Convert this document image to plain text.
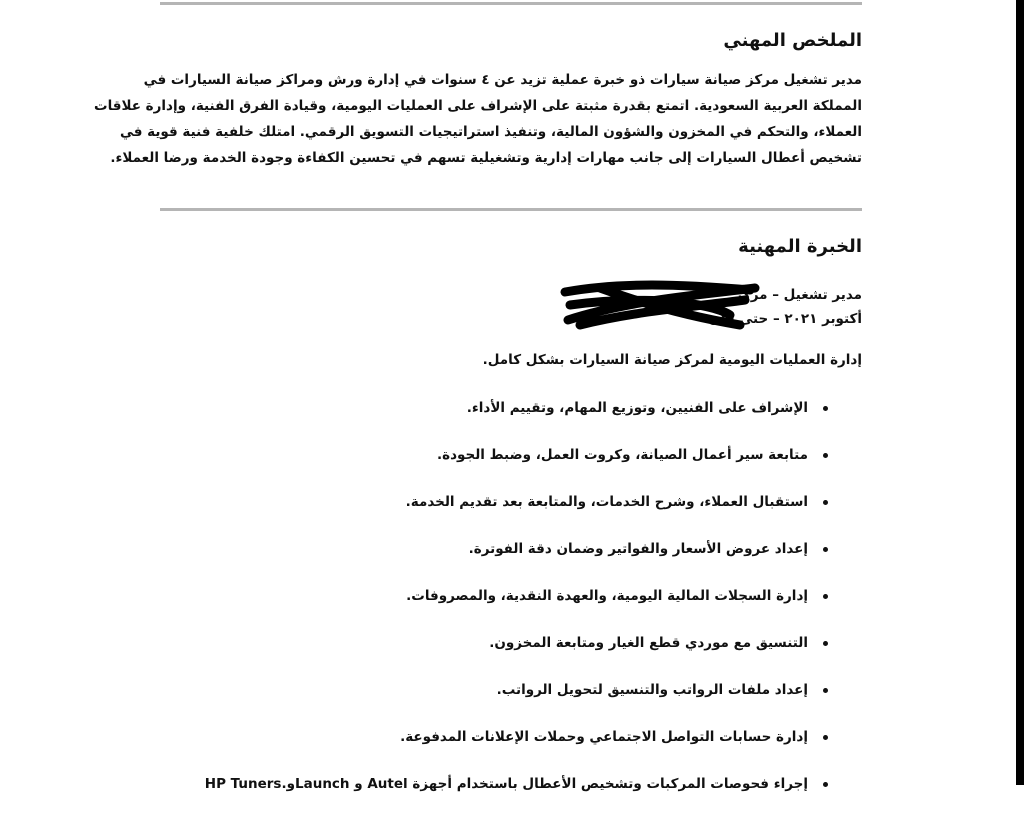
الملخص المهني
مدير تشغيل مركز صيانة سيارات ذو خبرة عملية تزيد عن ٤ سنوات في إدارة ورش ومراكز صيانة السيارات في
المملكة العربية السعودية. اتمتع بقدرة مثبتة على الإشراف على العمليات اليومية، وقيادة الفرق الفنية، وإدارة علاقات
العملاء، والتحكم في المخزون والشؤون المالية، وتنفيذ استراتيجيات التسويق الرقمي. امتلك خلفية فنية قوية في
تشخيص أعطال السيارات إلى جانب مهارات إدارية وتشغيلية تسهم في تحسين الكفاءة وجودة الخدمة ورضا العملاء.
الخبرة المهنية
مدير تشغيل – مركز
أكتوبر ٢٠٢١ – حتى الآن
إدارة العمليات اليومية لمركز صيانة السيارات بشكل كامل.
الإشراف على الفنيين، وتوزيع المهام، وتقييم الأداء.
متابعة سير أعمال الصيانة، وكروت العمل، وضبط الجودة.
استقبال العملاء، وشرح الخدمات، والمتابعة بعد تقديم الخدمة.
إعداد عروض الأسعار والفواتير وضمان دقة الفوترة.
إدارة السجلات المالية اليومية، والعهدة النقدية، والمصروفات.
التنسيق مع موردي قطع الغيار ومتابعة المخزون.
إعداد ملفات الرواتب والتنسيق لتحويل الرواتب.
إدارة حسابات التواصل الاجتماعي وحملات الإعلانات المدفوعة.
إجراء فحوصات المركبات وتشخيص الأعطال باستخدام أجهزة Autel و Launchو.HP Tuners
